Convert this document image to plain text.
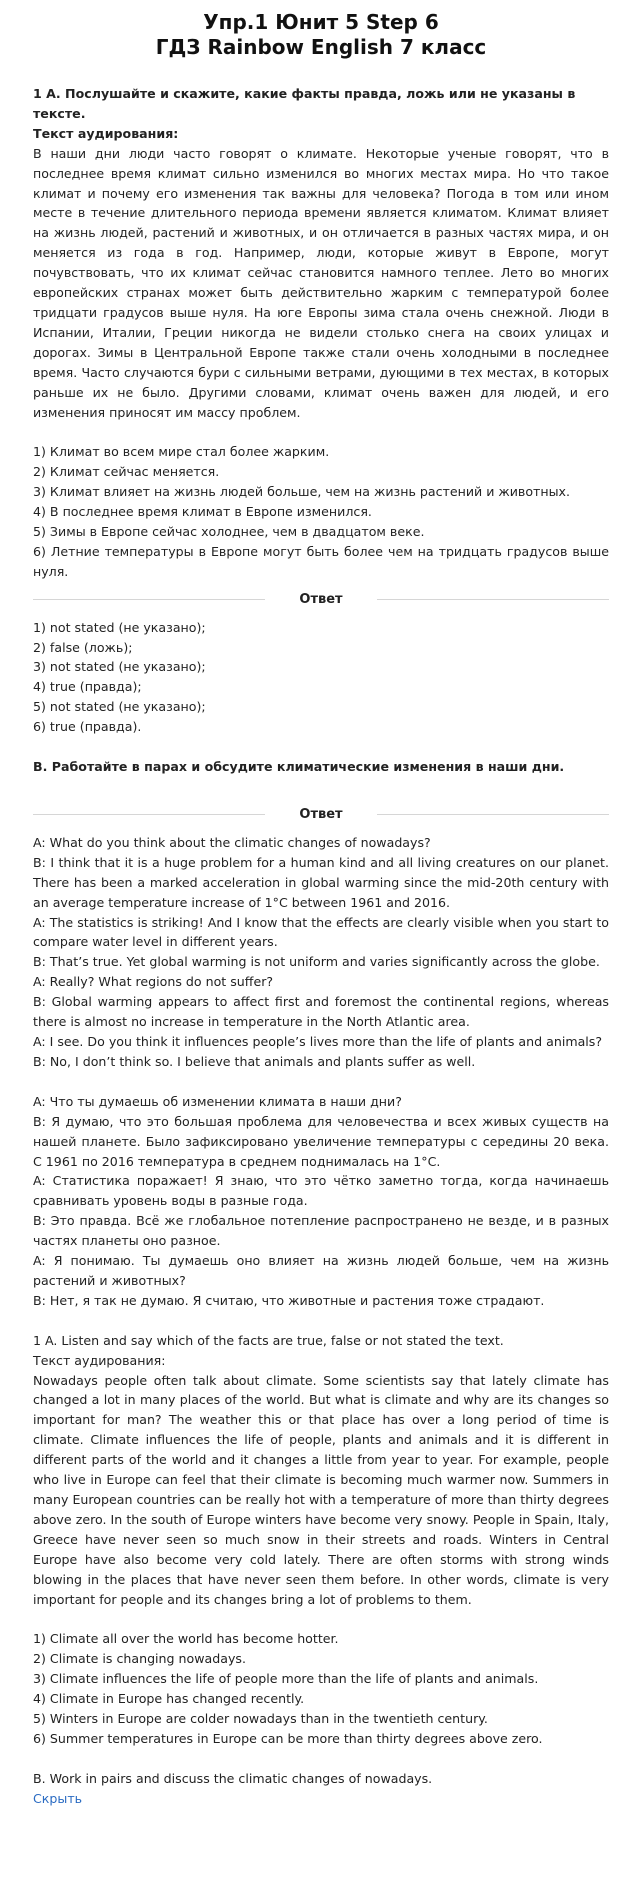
Упр.1 Юнит 5 Step 6
ГДЗ Rainbow English 7 класс

1 А. Послушайте и скажите, какие факты правда, ложь или не указаны в тексте.

Текст аудирования:

В наши дни люди часто говорят о климате. Некоторые ученые говорят, что в последнее время климат сильно изменился во многих местах мира. Но что такое климат и почему его изменения так важны для человека? Погода в том или ином месте в течение длительного периода времени является климатом. Климат влияет на жизнь людей, растений и животных, и он отличается в разных частях мира, и он меняется из года в год. Например, люди, которые живут в Европе, могут почувствовать, что их климат сейчас становится намного теплее. Лето во многих европейских странах может быть действительно жарким с температурой более тридцати градусов выше нуля. На юге Европы зима стала очень снежной. Люди в Испании, Италии, Греции никогда не видели столько снега на своих улицах и дорогах. Зимы в Центральной Европе также стали очень холодными в последнее время. Часто случаются бури с сильными ветрами, дующими в тех местах, в которых раньше их не было. Другими словами, климат очень важен для людей, и его изменения приносят им массу проблем.

1) Климат во всем мире стал более жарким.

2) Климат сейчас меняется.

3) Климат влияет на жизнь людей больше, чем на жизнь растений и животных.

4) В последнее время климат в Европе изменился.

5) Зимы в Европе сейчас холоднее, чем в двадцатом веке.

6) Летние температуры в Европе могут быть более чем на тридцать градусов выше нуля.

Ответ

1) not stated (не указано);

2) false (ложь);

3) not stated (не указано);

4) true (правда);

5) not stated (не указано);

6) true (правда).

B. Работайте в парах и обсудите климатические изменения в наши дни.

Ответ

A: What do you think about the climatic changes of nowadays?

B: I think that it is a huge problem for a human kind and all living creatures on our planet. There has been a marked acceleration in global warming since the mid-20th century with an average temperature increase of 1°C between 1961 and 2016.

A: The statistics is striking! And I know that the effects are clearly visible when you start to compare water level in different years.

B: That’s true. Yet global warming is not uniform and varies significantly across the globe.

A: Really? What regions do not suffer?

B: Global warming appears to affect first and foremost the continental regions, whereas there is almost no increase in temperature in the North Atlantic area.

A: I see. Do you think it influences people’s lives more than the life of plants and animals?

B: No, I don’t think so. I believe that animals and plants suffer as well.

A: Что ты думаешь об изменении климата в наши дни?

B: Я думаю, что это большая проблема для человечества и всех живых существ на нашей планете. Было зафиксировано увеличение температуры с середины 20 века. С 1961 по 2016 температура в среднем поднималась на 1°С.

A: Статистика поражает! Я знаю, что это чётко заметно тогда, когда начинаешь сравнивать уровень воды в разные года.

B: Это правда. Всё же глобальное потепление распространено не везде, и в разных частях планеты оно разное.

A: Я понимаю. Ты думаешь оно влияет на жизнь людей больше, чем на жизнь растений и животных?

B: Нет, я так не думаю. Я считаю, что животные и растения тоже страдают.

1 A. Listen and say which of the facts are true, false or not stated the text.

Текст аудирования:

Nowadays people often talk about climate. Some scientists say that lately climate has changed a lot in many places of the world. But what is climate and why are its changes so important for man? The weather this or that place has over a long period of time is climate. Climate influences the life of people, plants and animals and it is different in different parts of the world and it changes a little from year to year. For example, people who live in Europe can feel that their climate is becoming much warmer now. Summers in many European countries can be really hot with a temperature of more than thirty degrees above zero. In the south of Europe winters have become very snowy. People in Spain, Italy, Greece have never seen so much snow in their streets and roads. Winters in Central Europe have also become very cold lately. There are often storms with strong winds blowing in the places that have never seen them before. In other words, climate is very important for people and its changes bring a lot of problems to them.

1) Climate all over the world has become hotter.

2) Climate is changing nowadays.

3) Climate influences the life of people more than the life of plants and animals.

4) Climate in Europe has changed recently.

5) Winters in Europe are colder nowadays than in the twentieth century.

6) Summer temperatures in Europe can be more than thirty degrees above zero.

B. Work in pairs and discuss the climatic changes of nowadays.

Скрыть
